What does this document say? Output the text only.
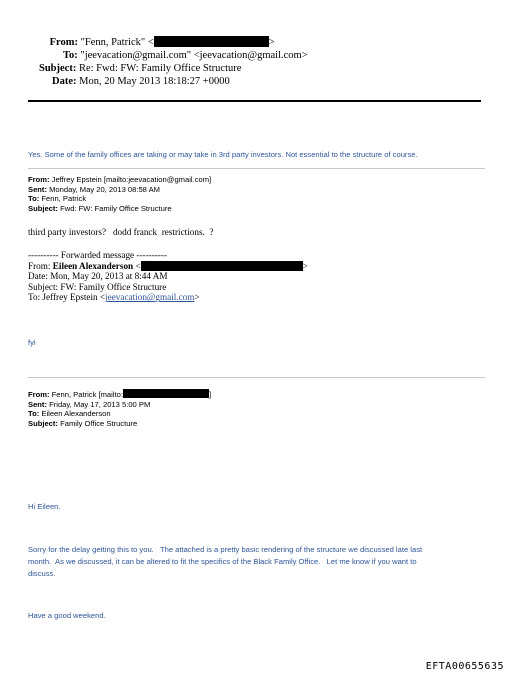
From: "Fenn, Patrick" <	>
To: "jeevacation@gmail.com" <jeevacation@gmail.com>
Subject: Re: Fwd: FW: Family Office Structure
Date: Mon, 20 May 2013 18:18:27 +0000
Yes. Some of the family offices are taking or may take in 3rd party investors. Not essential to the structure of course.
From: Jeffrey Epstein [mailto:jeevacation@gmail.com]
Sent: Monday, May 20, 2013 08:58 AM
To: Fenn, Patrick
Subject: Fwd: FW: Family Office Structure
third party investors?   dodd franck  restrictions.  ?
---------- Forwarded message ----------
From: Eileen Alexanderson <	>
Date: Mon, May 20, 2013 at 8:44 AM
Subject: FW: Family Office Structure
To: Jeffrey Epstein <jeevacation@gmail.com>
fyi
From: Fenn, Patrick [mailto:	]
Sent: Friday, May 17, 2013 5:00 PM
To: Eileen Alexanderson
Subject: Family Office Structure
Hi Eileen.
Sorry for the delay getting this to you.   The attached is a pretty basic rendering of the structure we discussed late last
month.  As we discussed, it can be altered to fit the specifics of the Black Family Office.   Let me know if you want to
discuss.
Have a good weekend.
EFTA00655635
